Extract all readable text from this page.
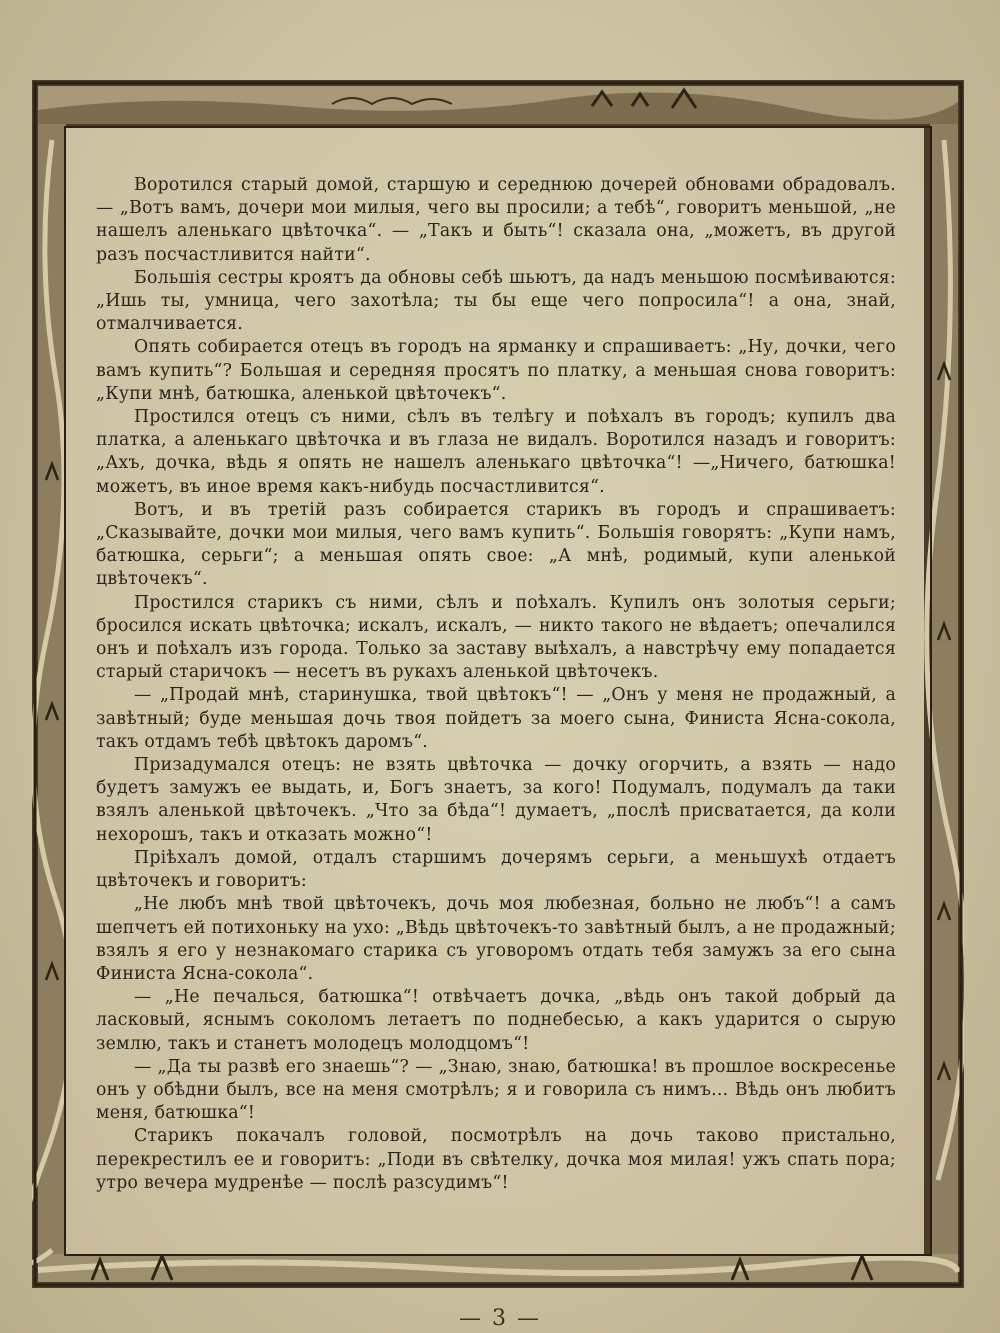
Воротился старый домой, старшую и середнюю дочерей обновами обрадовалъ. — „Вотъ вамъ, дочери мои милыя, чего вы просили; а тебѣ“, говоритъ меньшой, „не нашелъ аленькаго цвѣточка“. — „Такъ и быть“! сказала она, „можетъ, въ другой разъ посчастливится найти“.

Большія сестры кроятъ да обновы себѣ шьютъ, да надъ меньшою посмѣиваются: „Ишь ты, умница, чего захотѣла; ты бы еще чего попросила“! а она, знай, отмалчивается.

Опять собирается отецъ въ городъ на ярманку и спрашиваетъ: „Ну, дочки, чего вамъ купить“? Большая и середняя просятъ по платку, а меньшая снова говоритъ: „Купи мнѣ, батюшка, аленькой цвѣточекъ“.

Простился отецъ съ ними, сѣлъ въ телѣгу и поѣхалъ въ городъ; купилъ два платка, а аленькаго цвѣточка и въ глаза не видалъ. Воротился назадъ и говоритъ: „Ахъ, дочка, вѣдь я опять не нашелъ аленькаго цвѣточка“! —„Ничего, батюшка! можетъ, въ иное время какъ-нибудь посчастливится“.

Вотъ, и въ третій разъ собирается старикъ въ городъ и спрашиваетъ: „Сказывайте, дочки мои милыя, чего вамъ купить“. Большія говорятъ: „Купи намъ, батюшка, серьги“; а меньшая опять свое: „А мнѣ, родимый, купи аленькой цвѣточекъ“.

Простился старикъ съ ними, сѣлъ и поѣхалъ. Купилъ онъ золотыя серьги; бросился искать цвѣточка; искалъ, искалъ, — никто такого не вѣдаетъ; опечалился онъ и поѣхалъ изъ города. Только за заставу выѣхалъ, а навстрѣчу ему попадается старый старичокъ — несетъ въ рукахъ аленькой цвѣточекъ.

— „Продай мнѣ, старинушка, твой цвѣтокъ“! — „Онъ у меня не продажный, а завѣтный; буде меньшая дочь твоя пойдетъ за моего сына, Финиста Ясна-сокола, такъ отдамъ тебѣ цвѣтокъ даромъ“.

Призадумался отецъ: не взять цвѣточка — дочку огорчить, а взять — надо будетъ замужъ ее выдать, и, Богъ знаетъ, за кого! Подумалъ, подумалъ да таки взялъ аленькой цвѣточекъ. „Что за бѣда“! думаетъ, „послѣ присватается, да коли нехорошъ, такъ и отказать можно“!

Пріѣхалъ домой, отдалъ старшимъ дочерямъ серьги, а меньшухѣ отдаетъ цвѣточекъ и говоритъ:

„Не любъ мнѣ твой цвѣточекъ, дочь моя любезная, больно не любъ“! а самъ шепчетъ ей потихоньку на ухо: „Вѣдь цвѣточекъ-то завѣтный былъ, а не продажный; взялъ я его у незнакомаго старика съ уговоромъ отдать тебя замужъ за его сына Финиста Ясна-сокола“.

— „Не печалься, батюшка“! отвѣчаетъ дочка, „вѣдь онъ такой добрый да ласковый, яснымъ соколомъ летаетъ по поднебесью, а какъ ударится о сырую землю, такъ и станетъ молодецъ молодцомъ“!

— „Да ты развѣ его знаешь“? — „Знаю, знаю, батюшка! въ прошлое воскресенье онъ у обѣдни былъ, все на меня смотрѣлъ; я и говорила съ нимъ... Вѣдь онъ любитъ меня, батюшка“!

Старикъ покачалъ головой, посмотрѣлъ на дочь таково пристально, перекрестилъ ее и говоритъ: „Поди въ свѣтелку, дочка моя милая! ужъ спать пора; утро вечера мудренѣе — послѣ разсудимъ“!

— 3 —
